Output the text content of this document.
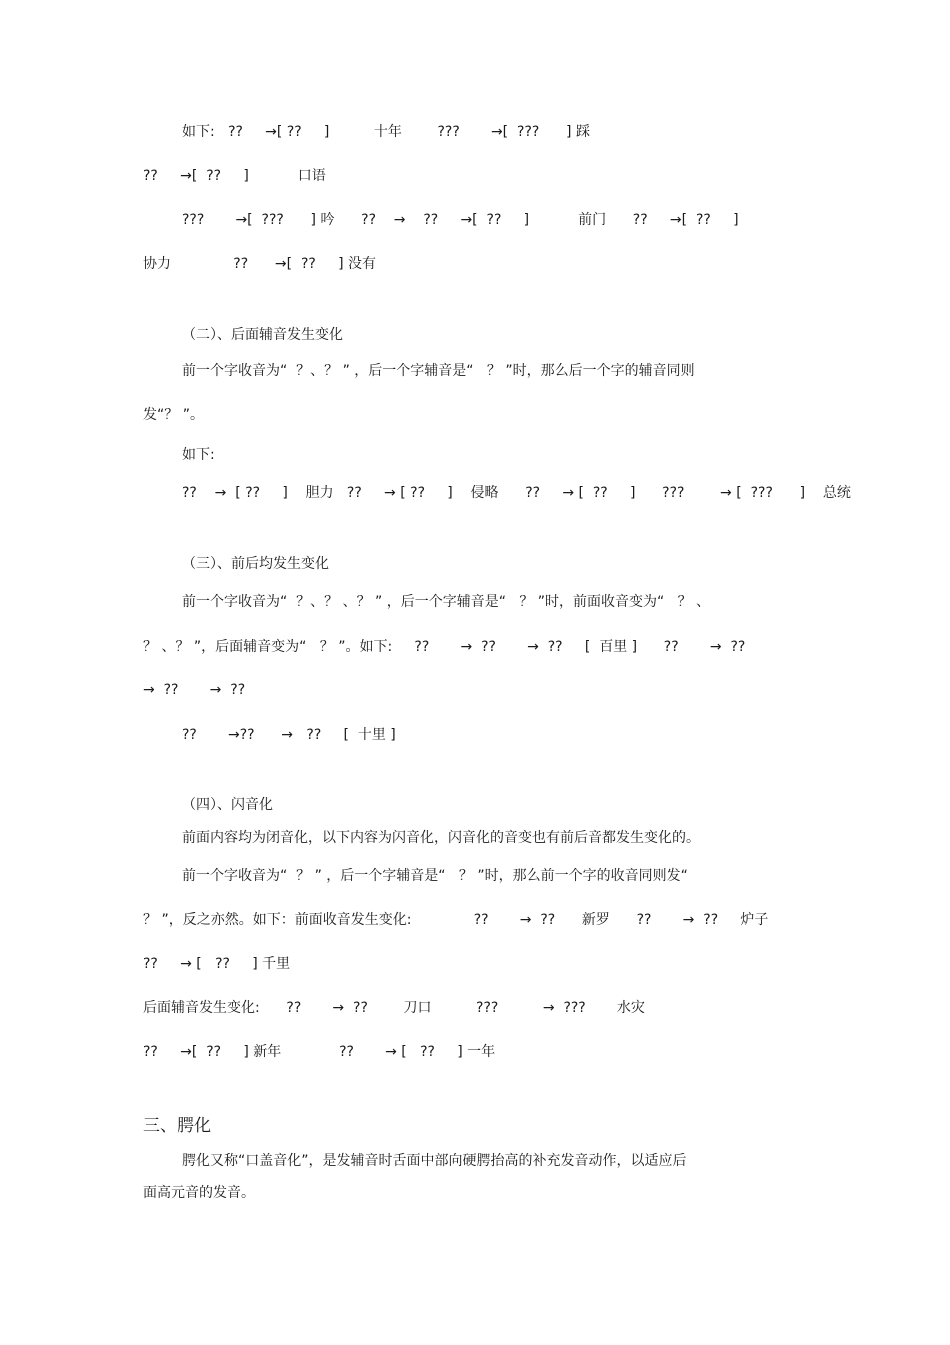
如下:   ??     →[ ??     ]          十年        ???       →[  ???      ] 踩
??     →[  ??     ]           口语
???       →[  ???      ] 吟      ??    →    ??     →[  ??     ]           前门      ??     →[  ??     ]
协力              ??      →[  ??     ] 没有
（二）、后面辅音发生变化
前一个字收音为“  ？、？ ” ，后一个字辅音是“   ？ ”时，那么后一个字的辅音同则
发“？ ”。
如下:
??    →  [ ??     ]    胆力   ??     → [ ??     ]    侵略      ??     → [  ??     ]      ???        → [  ???      ]    总统
（三）、前后均发生变化
前一个字收音为“  ？、？ 、？ ” ，后一个字辅音是“   ？ ”时，前面收音变为“   ？ 、
？ 、？ ”，后面辅音变为“   ？ ”。如下:     ??       →  ??       →  ??     [  百里 ]      ??       →  ??
→  ??       →  ??
??       →??      →   ??     [  十里 ]
（四）、闪音化
前面内容均为闭音化，以下内容为闪音化，闪音化的音变也有前后音都发生变化的。
前一个字收音为“  ？ ” ，后一个字辅音是“   ？ ”时，那么前一个字的收音同则发“
？ ”，反之亦然。如下：前面收音发生变化:              ??       →  ??      新罗      ??       →  ??     炉子
??     → [   ??     ] 千里
后面辅音发生变化:      ??       →  ??        刀口          ???          →  ???       水灾
??     →[  ??     ] 新年             ??       → [   ??     ] 一年
三、腭化
腭化又称“口盖音化”，是发辅音时舌面中部向硬腭抬高的补充发音动作，以适应后
面高元音的发音。
